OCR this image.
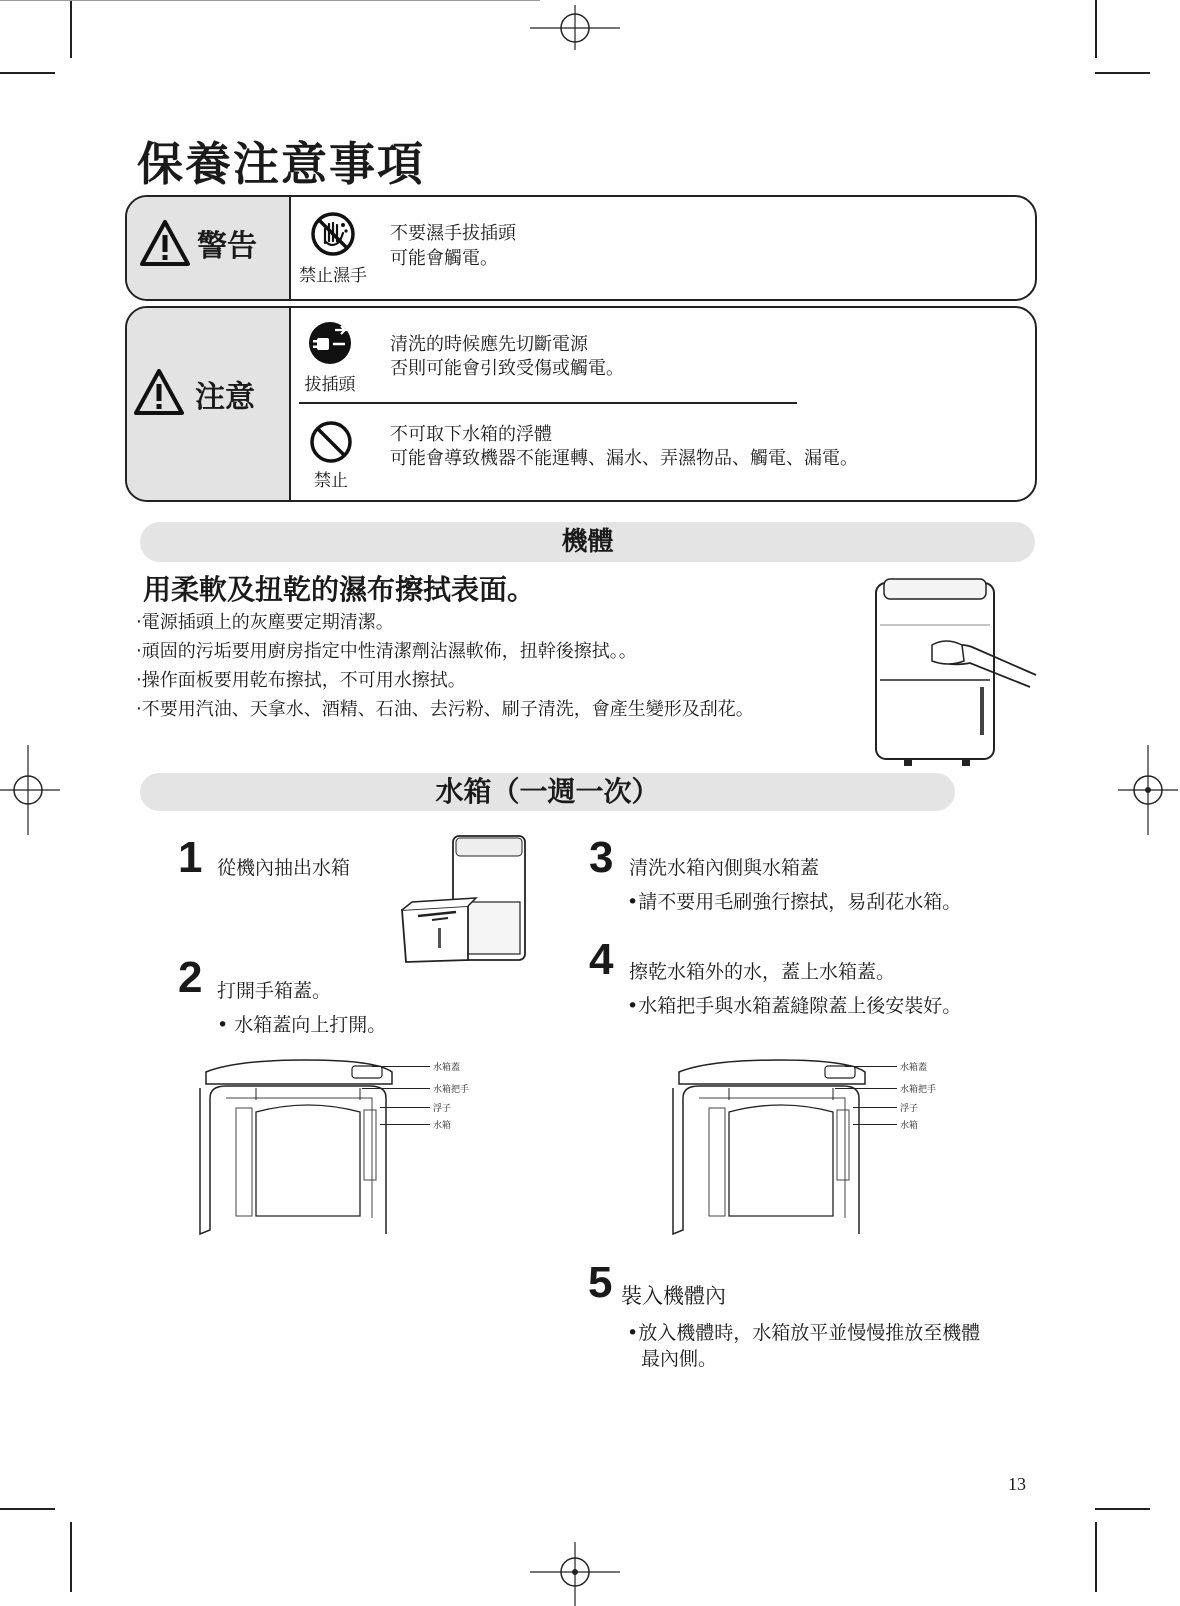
保養注意事項
警告
禁止濕手
不要濕手拔插頭
可能會觸電。
注意	拔插頭
清洗的時候應先切斷電源
否則可能會引致受傷或觸電。
禁止
不可取下水箱的浮體
可能會導致機器不能運轉、漏水、弄濕物品、觸電、漏電。
機體
用柔軟及扭乾的濕布擦拭表面。
‧電源插頭上的灰塵要定期清潔。
‧頑固的污垢要用廚房指定中性清潔劑沾濕軟佈，扭幹後擦拭。。
‧操作面板要用乾布擦拭，不可用水擦拭。
‧不要用汽油、天拿水、酒精、石油、去污粉、刷子清洗，會產生變形及刮花。
水箱（一週一次）
1 從機內抽出水箱
2 打開手箱蓋。
• 水箱蓋向上打開。
3 清洗水箱內側與水箱蓋
•請不要用毛刷強行擦拭，易刮花水箱。
4 擦乾水箱外的水，蓋上水箱蓋。
•水箱把手與水箱蓋縫隙蓋上後安裝好。
水箱蓋
水箱把手
浮子
水箱
水箱蓋
水箱把手
浮子
水箱
5 裝入機體內
•放入機體時，水箱放平並慢慢推放至機體
最內側。
13
